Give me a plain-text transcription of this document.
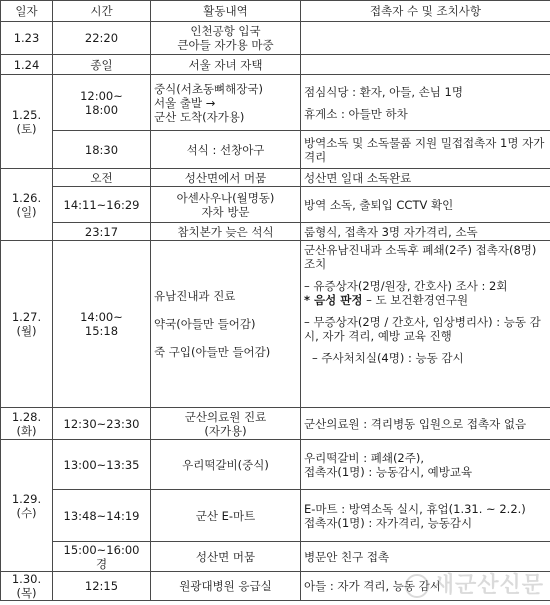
일자	시간	활동내역	접촉자 수 및 조치사항
1.23	22:20	인천공항 입국
큰아들 자가용 마중	
1.24	종일	서울 자녀 자택	
1.25.
(토)	12:00~
18:00	중식(서초동뼈해장국)
서울 출발 →
군산 도착(자가용)	점심식당 : 환자, 아들, 손님 1명
휴게소 : 아들만 하차
	18:30	석식 : 선창아구	방역소독 및 소독물품 지원 밀접접촉자 1명 자가격리
1.26.
(일)	오전	성산면에서 머뭄	성산면 일대 소독완료
	14:11~16:29	아센사우나(월명동)
자차 방문	방역 소독, 출퇴입 CCTV 확인
	23:17	참치본가 늦은 석식	룸형식, 접촉자 3명 자가격리, 소독
1.27.
(월)	14:00~
15:18	유남진내과 진료
약국(아들만 들어감)
죽 구입(아들만 들어감)	군산유남진내과 소독후 폐쇄(2주) 접촉자(8명) 조치
– 유증상자(2명/원장, 간호사) 조사 : 2회
* 음성 판정 – 도 보건환경연구원
– 무증상자(2명 / 간호사, 임상병리사) : 능동 감시, 자가 격리, 예방 교육 진행
– 주사처치실(4명) : 능동 감시
1.28.
(화)	12:30~23:30	군산의료원 진료
(자가용)	군산의료원 : 격리병동 입원으로 접촉자 없음
1.29.
(수)	13:00~13:35	우리떡갈비(중식)	우리떡갈비 : 폐쇄(2주),
접촉자(1명) : 능동감시, 예방교육
	13:48~14:19	군산 E-마트	E-마트 : 방역소독 실시, 휴업(1.31. ~ 2.2.)
접촉자(1명) : 자가격리, 능동감시
	15:00~16:00
경	성산면 머뭄	병문안 친구 접촉
1.30.
(목)	12:15	원광대병원 응급실	아들 : 자가 격리, 능동 감시
새군산신문
